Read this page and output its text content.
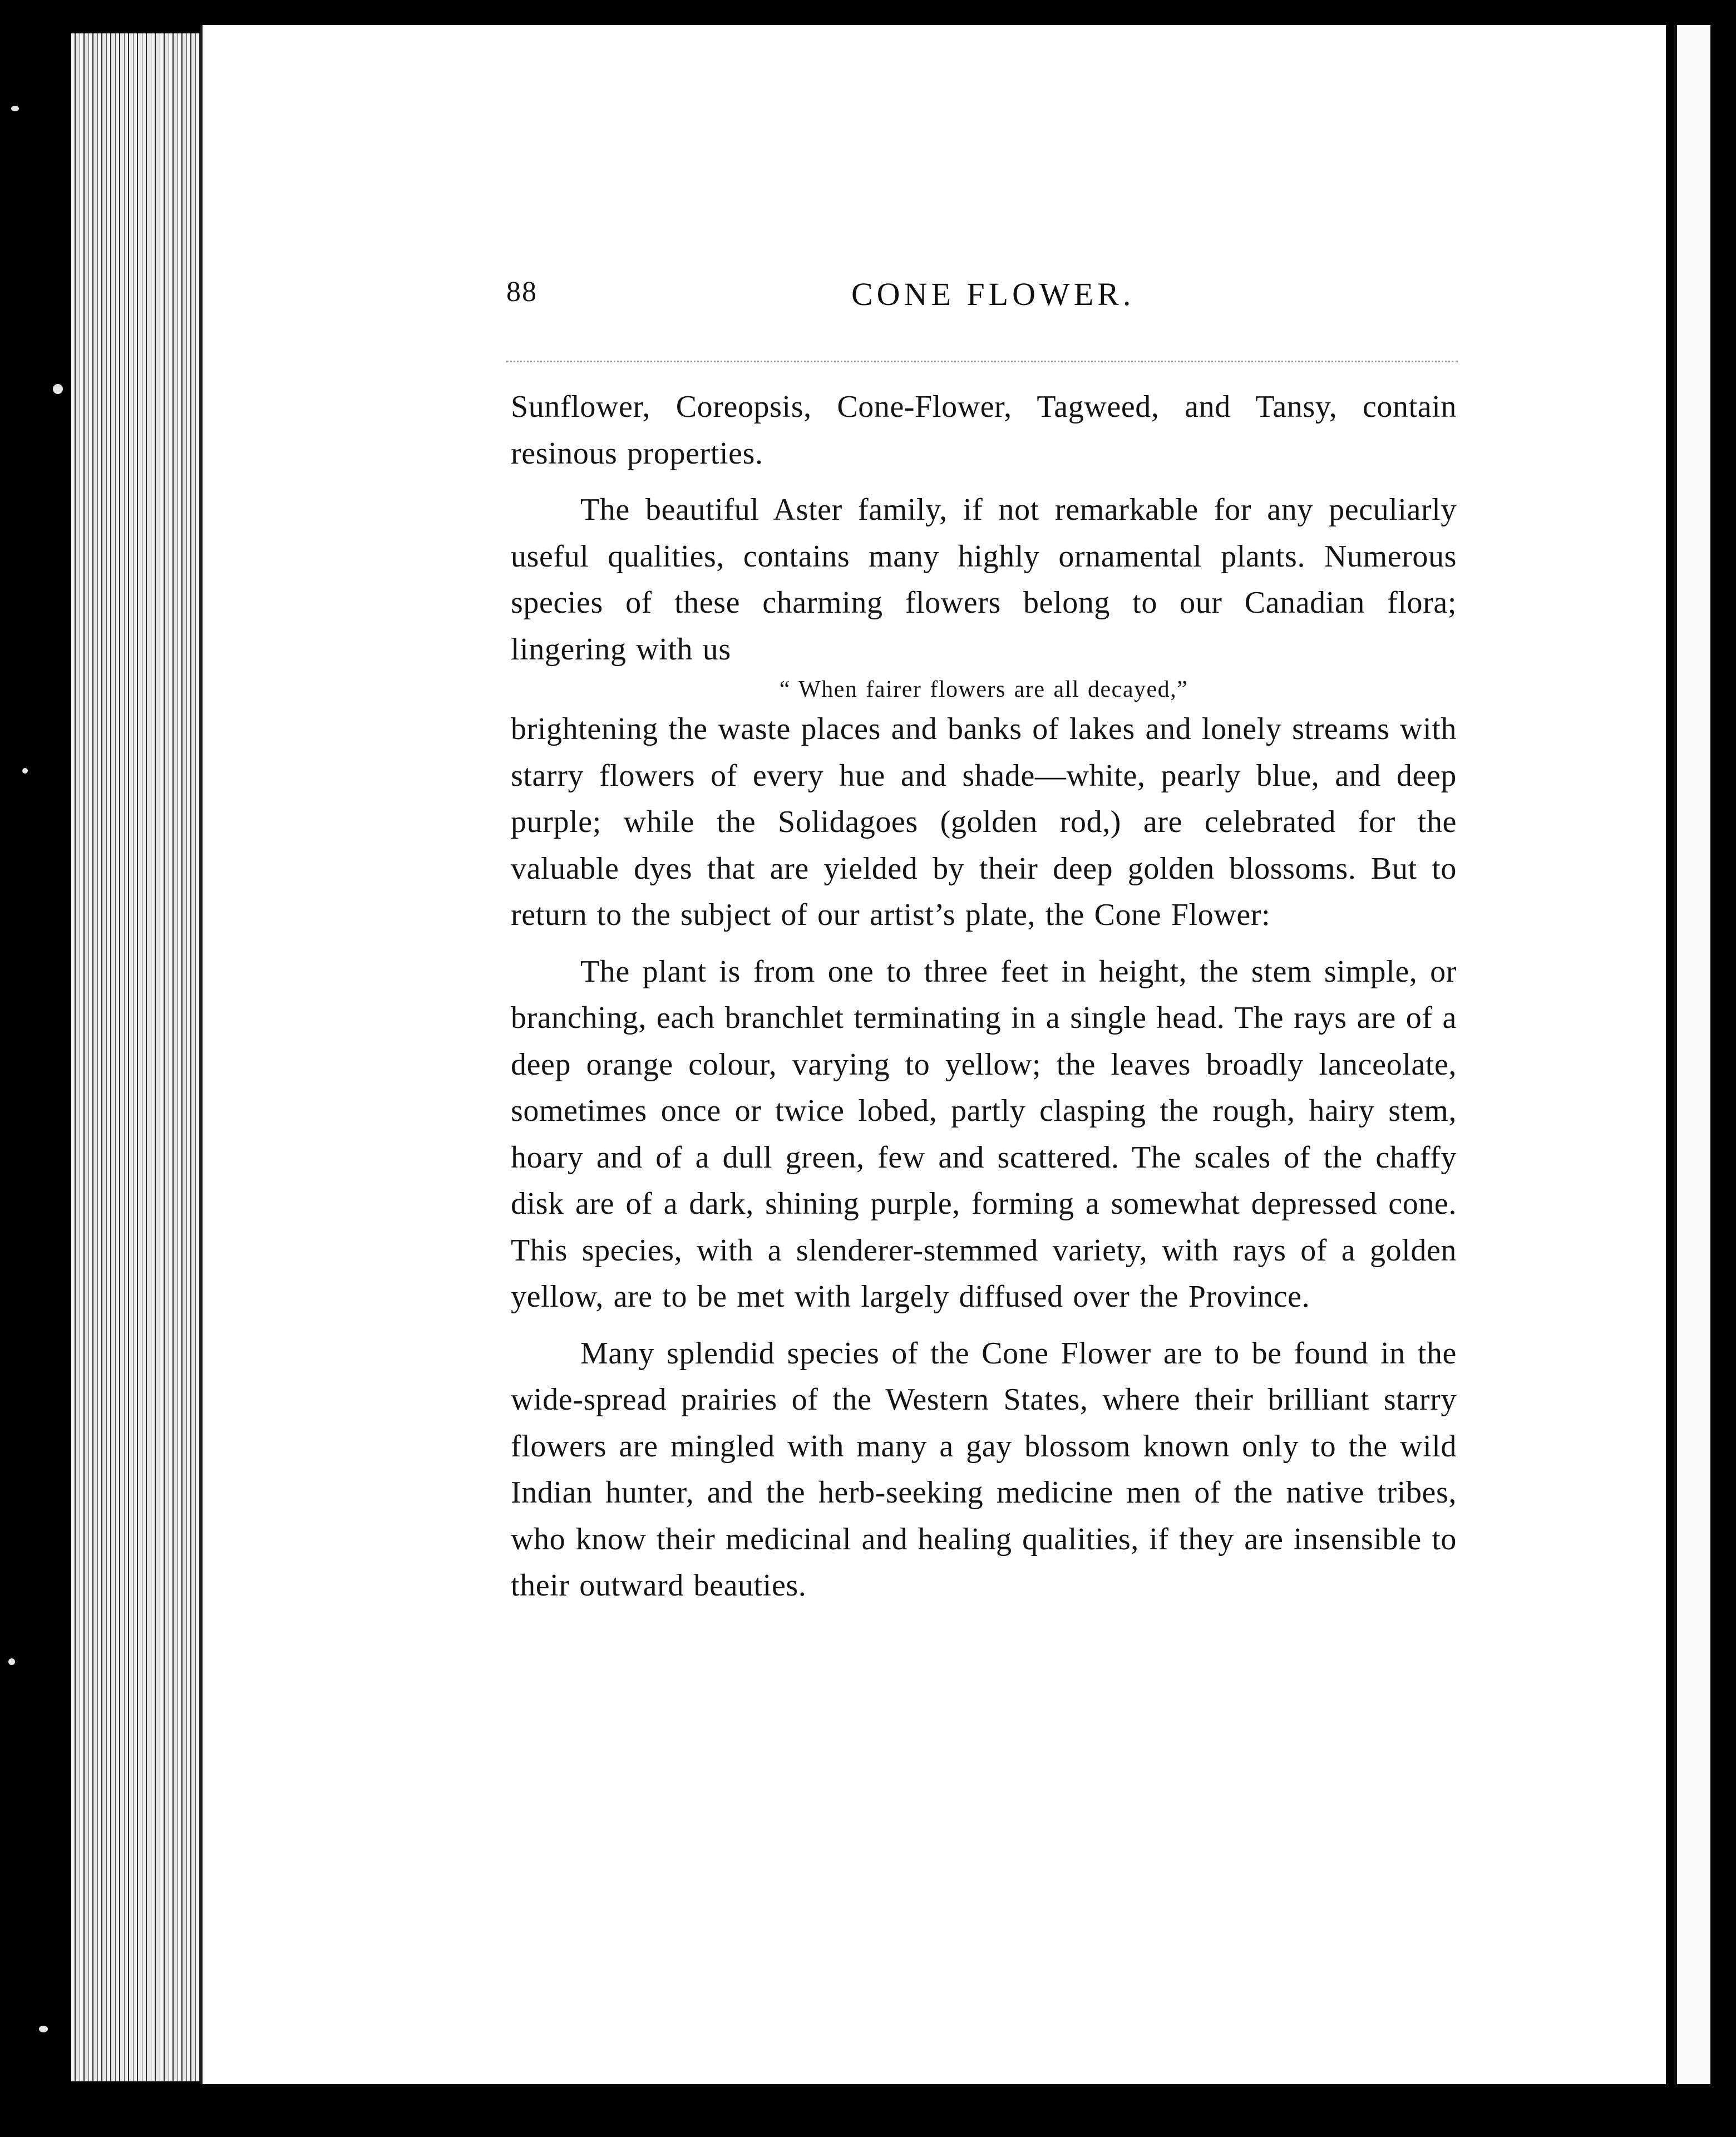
88	CONE FLOWER.

Sunflower, Coreopsis, Cone-Flower, Tagweed, and Tansy, contain resinous properties.

The beautiful Aster family, if not remarkable for any peculiarly useful qualities, contains many highly ornamental plants. Numerous species of these charming flowers belong to our Canadian flora; lingering with us

“ When fairer flowers are all decayed,”

brightening the waste places and banks of lakes and lonely streams with starry flowers of every hue and shade—white, pearly blue, and deep purple; while the Solidagoes (golden rod,) are celebrated for the valuable dyes that are yielded by their deep golden blossoms. But to return to the subject of our artist’s plate, the Cone Flower:

The plant is from one to three feet in height, the stem simple, or branching, each branchlet terminating in a single head. The rays are of a deep orange colour, varying to yellow; the leaves broadly lanceolate, sometimes once or twice lobed, partly clasping the rough, hairy stem, hoary and of a dull green, few and scattered. The scales of the chaffy disk are of a dark, shining purple, forming a somewhat depressed cone. This species, with a slenderer-stemmed variety, with rays of a golden yellow, are to be met with largely diffused over the Province.

Many splendid species of the Cone Flower are to be found in the wide-spread prairies of the Western States, where their brilliant starry flowers are mingled with many a gay blossom known only to the wild Indian hunter, and the herb-seeking medicine men of the native tribes, who know their medicinal and healing qualities, if they are insensible to their outward beauties.
